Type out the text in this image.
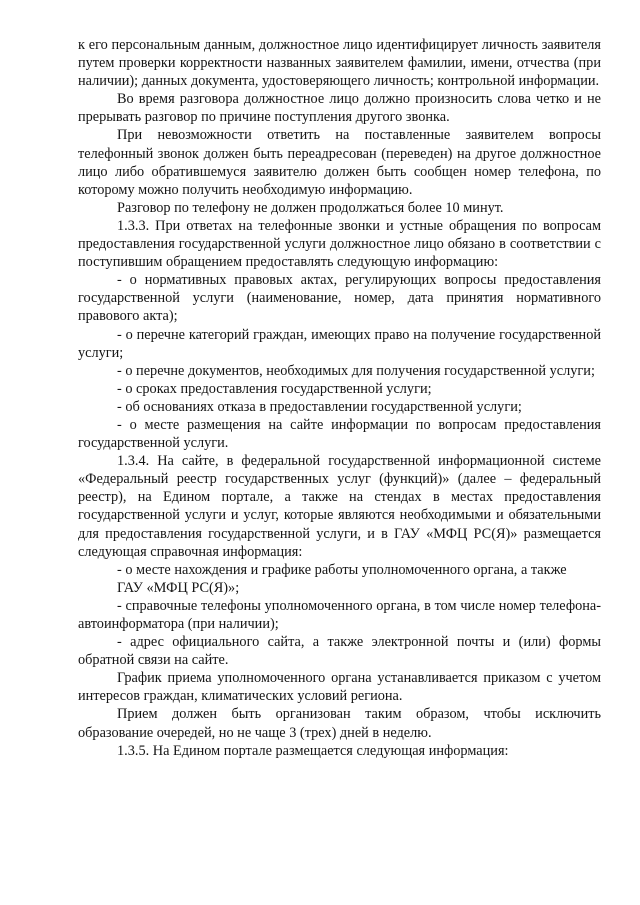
к его персональным данным, должностное лицо идентифицирует личность заявителя путем проверки корректности названных заявителем фамилии, имени, отчества (при наличии); данных документа, удостоверяющего личность; контрольной информации.

Во время разговора должностное лицо должно произносить слова четко и не прерывать разговор по причине поступления другого звонка.

При невозможности ответить на поставленные заявителем вопросы телефонный звонок должен быть переадресован (переведен) на другое должностное лицо либо обратившемуся заявителю должен быть сообщен номер телефона, по которому можно получить необходимую информацию.

Разговор по телефону не должен продолжаться более 10 минут.

1.3.3. При ответах на телефонные звонки и устные обращения по вопросам предоставления государственной услуги должностное лицо обязано в соответствии с поступившим обращением предоставлять следующую информацию:

- о нормативных правовых актах, регулирующих вопросы предоставления государственной услуги (наименование, номер, дата принятия нормативного правового акта);

- о перечне категорий граждан, имеющих право на получение государственной услуги;

- о перечне документов, необходимых для получения государственной услуги;

- о сроках предоставления государственной услуги;

- об основаниях отказа в предоставлении государственной услуги;

- о месте размещения на сайте информации по вопросам предоставления государственной услуги.

1.3.4. На сайте, в федеральной государственной информационной системе «Федеральный реестр государственных услуг (функций)» (далее – федеральный реестр), на Едином портале, а также на стендах в местах предоставления государственной услуги и услуг, которые являются необходимыми и обязательными для предоставления государственной услуги, и в ГАУ «МФЦ РС(Я)» размещается следующая справочная информация:

- о месте нахождения и графике работы уполномоченного органа, а также

ГАУ «МФЦ РС(Я)»;

- справочные телефоны уполномоченного органа, в том числе номер телефона-автоинформатора (при наличии);

- адрес официального сайта, а также электронной почты и (или) формы обратной связи на сайте.

График приема уполномоченного органа устанавливается приказом с учетом интересов граждан, климатических условий региона.

Прием должен быть организован таким образом, чтобы исключить образование очередей, но не чаще 3 (трех) дней в неделю.

1.3.5. На Едином портале размещается следующая информация:
